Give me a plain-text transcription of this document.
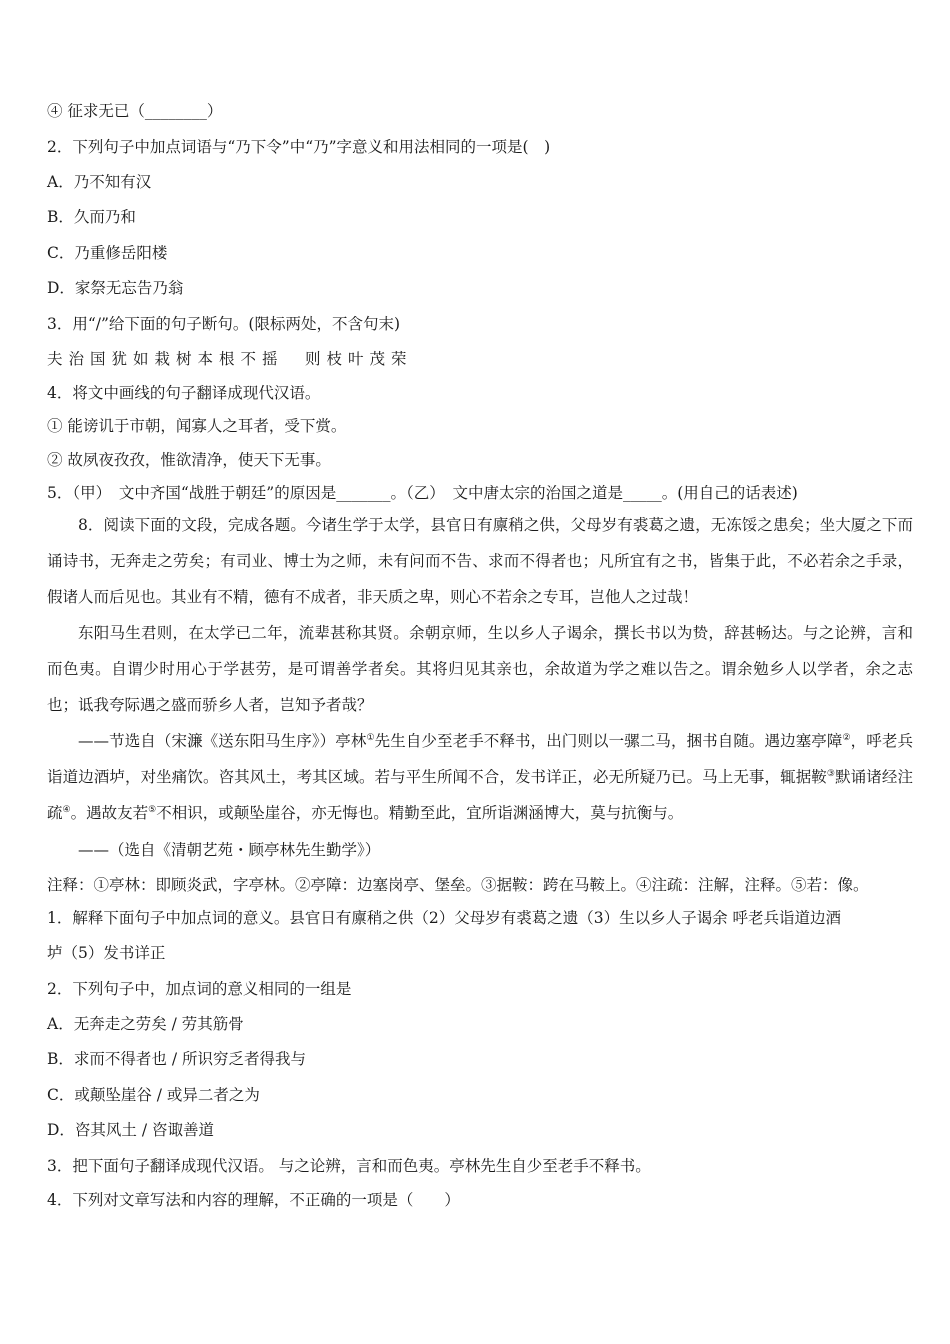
④ 征求无已（________）
2．下列句子中加点词语与“乃下令”中“乃”字意义和用法相同的一项是(　)
A．乃不知有汉
B．久而乃和
C．乃重修岳阳楼
D．家祭无忘告乃翁
3．用“/”给下面的句子断句。(限标两处，不含句末)
夫治国犹如栽树本根不摇　则枝叶茂荣
4．将文中画线的句子翻译成现代汉语。
① 能谤讥于市朝，闻寡人之耳者，受下赏。
② 故夙夜孜孜，惟欲清净，使天下无事。
5．（甲）　文中齐国“战胜于朝廷”的原因是_______。（乙）　文中唐太宗的治国之道是_____。(用自己的话表述)
8．阅读下面的文段，完成各题。今诸生学于太学，县官日有廪稍之供，父母岁有裘葛之遗，无冻馁之患矣；坐大厦之下而诵诗书，无奔走之劳矣；有司业、博士为之师，未有问而不告、求而不得者也；凡所宜有之书，皆集于此，不必若余之手录，假诸人而后见也。其业有不精，德有不成者，非天质之卑，则心不若余之专耳，岂他人之过哉！
东阳马生君则，在太学已二年，流辈甚称其贤。余朝京师，生以乡人子谒余，撰长书以为贽，辞甚畅达。与之论辨，言和而色夷。自谓少时用心于学甚劳，是可谓善学者矣。其将归见其亲也，余故道为学之难以告之。谓余勉乡人以学者，余之志也；诋我夸际遇之盛而骄乡人者，岂知予者哉？
——节选自（宋濂《送东阳马生序》）亭林①先生自少至老手不释书，出门则以一骡二马，捆书自随。遇边塞亭障②，呼老兵诣道边酒垆，对坐痛饮。咨其风土，考其区域。若与平生所闻不合，发书详正，必无所疑乃已。马上无事，辄据鞍③默诵诸经注疏④。遇故友若⑤不相识，或颠坠崖谷，亦无悔也。精勤至此，宜所诣渊涵博大，莫与抗衡与。
——（选自《清朝艺苑・顾亭林先生勤学》）
注释：①亭林：即顾炎武，字亭林。②亭障：边塞岗亭、堡垒。③据鞍：跨在马鞍上。④注疏：注解，注释。⑤若：像。
1．解释下面句子中加点词的意义。县官日有廪稍之供（2）父母岁有裘葛之遗（3）生以乡人子谒余 呼老兵诣道边酒
垆（5）发书详正
2．下列句子中，加点词的意义相同的一组是
A．无奔走之劳矣 / 劳其筋骨
B．求而不得者也 / 所识穷乏者得我与
C．或颠坠崖谷 / 或异二者之为
D．咨其风土 / 咨诹善道
3．把下面句子翻译成现代汉语。 与之论辨，言和而色夷。亭林先生自少至老手不释书。
4．下列对文章写法和内容的理解，不正确的一项是（　　）
